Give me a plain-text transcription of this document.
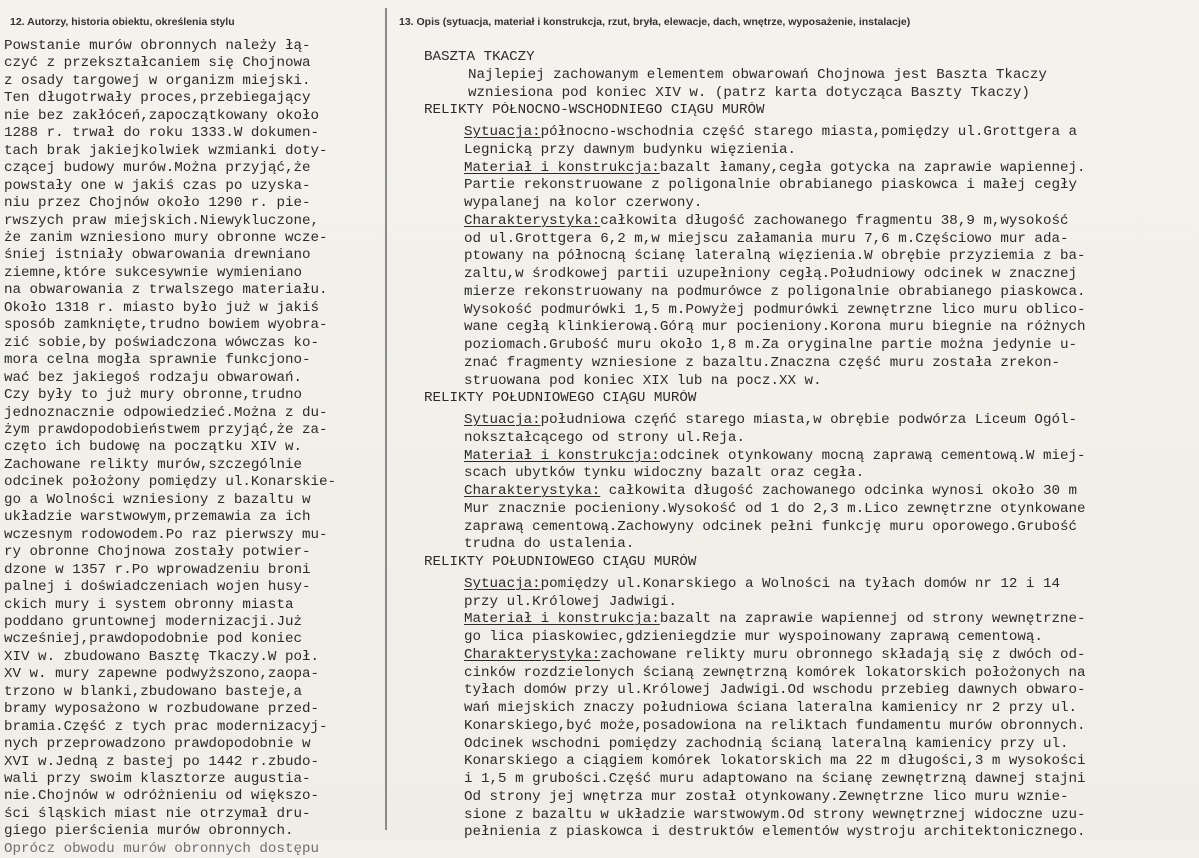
12. Autorzy, historia obiektu, określenia stylu	13. Opis (sytuacja, materiał i konstrukcja, rzut, bryła, elewacje, dach, wnętrze, wyposażenie, instalacje)
Powstanie murów obronnych należy łą-
czyć z przekształcaniem się Chojnowa
z osady targowej w organizm miejski.
Ten długotrwały proces,przebiegający
nie bez zakłóceń,zapoczątkowany około
1288 r. trwał do roku 1333.W dokumen-
tach brak jakiejkolwiek wzmianki doty-
czącej budowy murów.Można przyjąć,że
powstały one w jakiś czas po uzyska-
niu przez Chojnów około 1290 r. pie-
rwszych praw miejskich.Niewykluczone,
że zanim wzniesiono mury obronne wcze-
śniej istniały obwarowania drewniano
ziemne,które sukcesywnie wymieniano
na obwarowania z trwalszego materiału.
Około 1318 r. miasto było już w jakiś
sposób zamknięte,trudno bowiem wyobra-
zić sobie,by poświadczona wówczas ko-
mora celna mogła sprawnie funkcjono-
wać bez jakiegoś rodzaju obwarowań.
Czy były to już mury obronne,trudno
jednoznacznie odpowiedzieć.Można z du-
żym prawdopodobieństwem przyjąć,że za-
częto ich budowę na początku XIV w.
Zachowane relikty murów,szczególnie
odcinek położony pomiędzy ul.Konarskie-
go a Wolności wzniesiony z bazaltu w
układzie warstwowym,przemawia za ich
wczesnym rodowodem.Po raz pierwszy mu-
ry obronne Chojnowa zostały potwier-
dzone w 1357 r.Po wprowadzeniu broni
palnej i doświadczeniach wojen husy-
ckich mury i system obronny miasta
poddano gruntownej modernizacji.Już
wcześniej,prawdopodobnie pod koniec
XIV w. zbudowano Basztę Tkaczy.W poł.
XV w. mury zapewne podwyższono,zaopa-
trzono w blanki,zbudowano basteje,a
bramy wyposażono w rozbudowane przed-
bramia.Część z tych prac modernizacyj-
nych przeprowadzono prawdopodobnie w
XVI w.Jedną z bastej po 1442 r.zbudo-
wali przy swoim klasztorze augustia-
nie.Chojnów w odróżnieniu od większo-
ści śląskich miast nie otrzymał dru-
giego pierścienia murów obronnych.
Oprócz obwodu murów obronnych dostępu
BASZTA TKACZY
Najlepiej zachowanym elementem obwarowań Chojnowa jest Baszta Tkaczy
wzniesiona pod koniec XIV w. (patrz karta dotycząca Baszty Tkaczy)
RELIKTY PÓŁNOCNO-WSCHODNIEGO CIĄGU MURÓW
Sytuacja:północno-wschodnia część starego miasta,pomiędzy ul.Grottgera a
Legnicką przy dawnym budynku więzienia.
Materiał i konstrukcja:bazalt łamany,cegła gotycka na zaprawie wapiennej.
Partie rekonstruowane z poligonalnie obrabianego piaskowca i małej cegły
wypalanej na kolor czerwony.
Charakterystyka:całkowita długość zachowanego fragmentu 38,9 m,wysokość
od ul.Grottgera 6,2 m,w miejscu załamania muru 7,6 m.Częściowo mur ada-
ptowany na północną ścianę lateralną więzienia.W obrębie przyziemia z ba-
zaltu,w środkowej partii uzupełniony cegłą.Południowy odcinek w znacznej
mierze rekonstruowany na podmurówce z poligonalnie obrabianego piaskowca.
Wysokość podmurówki 1,5 m.Powyżej podmurówki zewnętrzne lico muru oblico-
wane cegłą klinkierową.Górą mur pocieniony.Korona muru biegnie na różnych
poziomach.Grubość muru około 1,8 m.Za oryginalne partie można jedynie u-
znać fragmenty wzniesione z bazaltu.Znaczna część muru została zrekon-
struowana pod koniec XIX lub na pocz.XX w.
RELIKTY POŁUDNIOWEGO CIĄGU MURÓW
Sytuacja:południowa częńć starego miasta,w obrębie podwórza Liceum Ogól-
nokształcącego od strony ul.Reja.
Materiał i konstrukcja:odcinek otynkowany mocną zaprawą cementową.W miej-
scach ubytków tynku widoczny bazalt oraz cegła.
Charakterystyka: całkowita długość zachowanego odcinka wynosi około 30 m
Mur znacznie pocieniony.Wysokość od 1 do 2,3 m.Lico zewnętrzne otynkowane
zaprawą cementową.Zachowyny odcinek pełni funkcję muru oporowego.Grubość
trudna do ustalenia.
RELIKTY POŁUDNIOWEGO CIĄGU MURÓW
Sytuacja:pomiędzy ul.Konarskiego a Wolności na tyłach domów nr 12 i 14
przy ul.Królowej Jadwigi.
Materiał i konstrukcja:bazalt na zaprawie wapiennej od strony wewnętrzne-
go lica piaskowiec,gdzieniegdzie mur wyspoinowany zaprawą cementową.
Charakterystyka:zachowane relikty muru obronnego składają się z dwóch od-
cinków rozdzielonych ścianą zewnętrzną komórek lokatorskich położonych na
tyłach domów przy ul.Królowej Jadwigi.Od wschodu przebieg dawnych obwaro-
wań miejskich znaczy południowa ściana lateralna kamienicy nr 2 przy ul.
Konarskiego,być może,posadowiona na reliktach fundamentu murów obronnych.
Odcinek wschodni pomiędzy zachodnią ścianą lateralną kamienicy przy ul.
Konarskiego a ciągiem komórek lokatorskich ma 22 m długości,3 m wysokości
i 1,5 m grubości.Część muru adaptowano na ścianę zewnętrzną dawnej stajni
Od strony jej wnętrza mur został otynkowany.Zewnętrzne lico muru wznie-
sione z bazaltu w układzie warstwowym.Od strony wewnętrznej widoczne uzu-
pełnienia z piaskowca i destruktów elementów wystroju architektonicznego.
